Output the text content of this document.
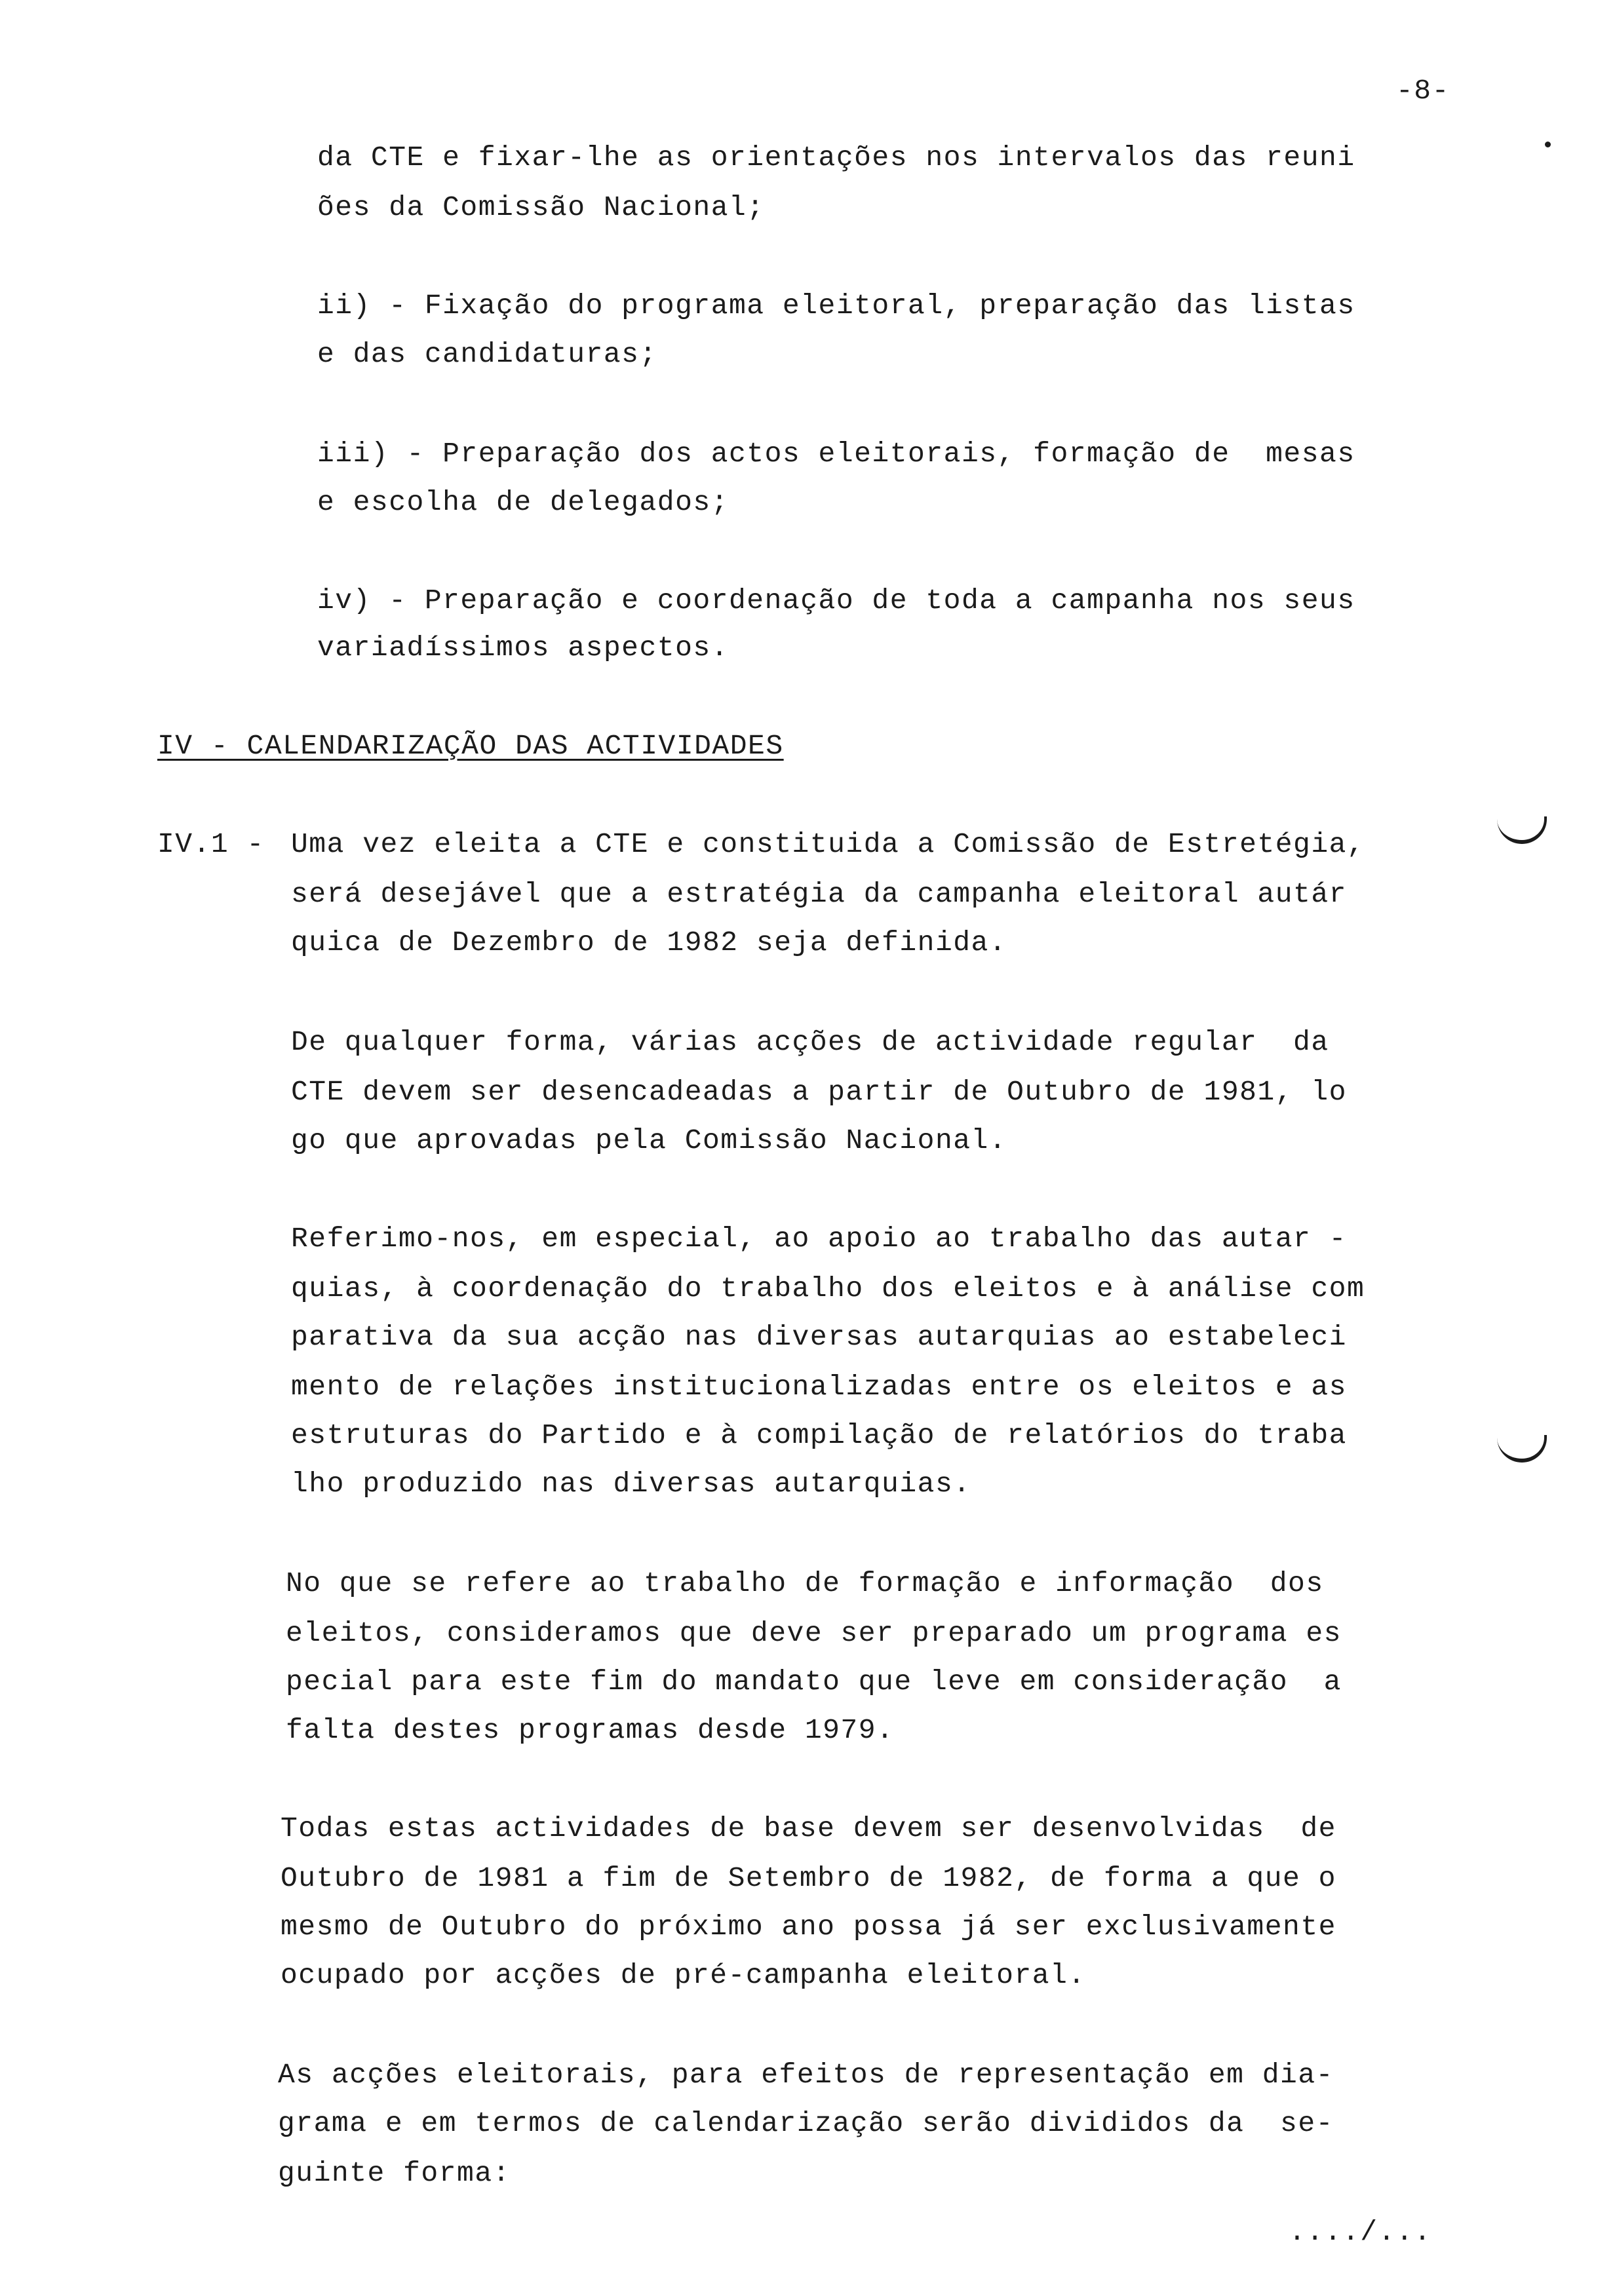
-8-
da CTE e fixar-lhe as orientações nos intervalos das reuni
ões da Comissão Nacional;
ii) - Fixação do programa eleitoral, preparação das listas
e das candidaturas;
iii) - Preparação dos actos eleitorais, formação de  mesas
e escolha de delegados;
iv) - Preparação e coordenação de toda a campanha nos seus
variadíssimos aspectos.
IV - CALENDARIZAÇÃO DAS ACTIVIDADES
IV.1 - Uma vez eleita a CTE e constituida a Comissão de Estretégia,
será desejável que a estratégia da campanha eleitoral autár
quica de Dezembro de 1982 seja definida.
De qualquer forma, várias acções de actividade regular  da
CTE devem ser desencadeadas a partir de Outubro de 1981, lo
go que aprovadas pela Comissão Nacional.
Referimo-nos, em especial, ao apoio ao trabalho das autar -
quias, à coordenação do trabalho dos eleitos e à análise com
parativa da sua acção nas diversas autarquias ao estabeleci
mento de relações institucionalizadas entre os eleitos e as
estruturas do Partido e à compilação de relatórios do traba
lho produzido nas diversas autarquias.
No que se refere ao trabalho de formação e informação  dos
eleitos, consideramos que deve ser preparado um programa es
pecial para este fim do mandato que leve em consideração  a
falta destes programas desde 1979.
Todas estas actividades de base devem ser desenvolvidas  de
Outubro de 1981 a fim de Setembro de 1982, de forma a que o
mesmo de Outubro do próximo ano possa já ser exclusivamente
ocupado por acções de pré-campanha eleitoral.
As acções eleitorais, para efeitos de representação em dia-
grama e em termos de calendarização serão divididos da  se-
guinte forma:
..../...
